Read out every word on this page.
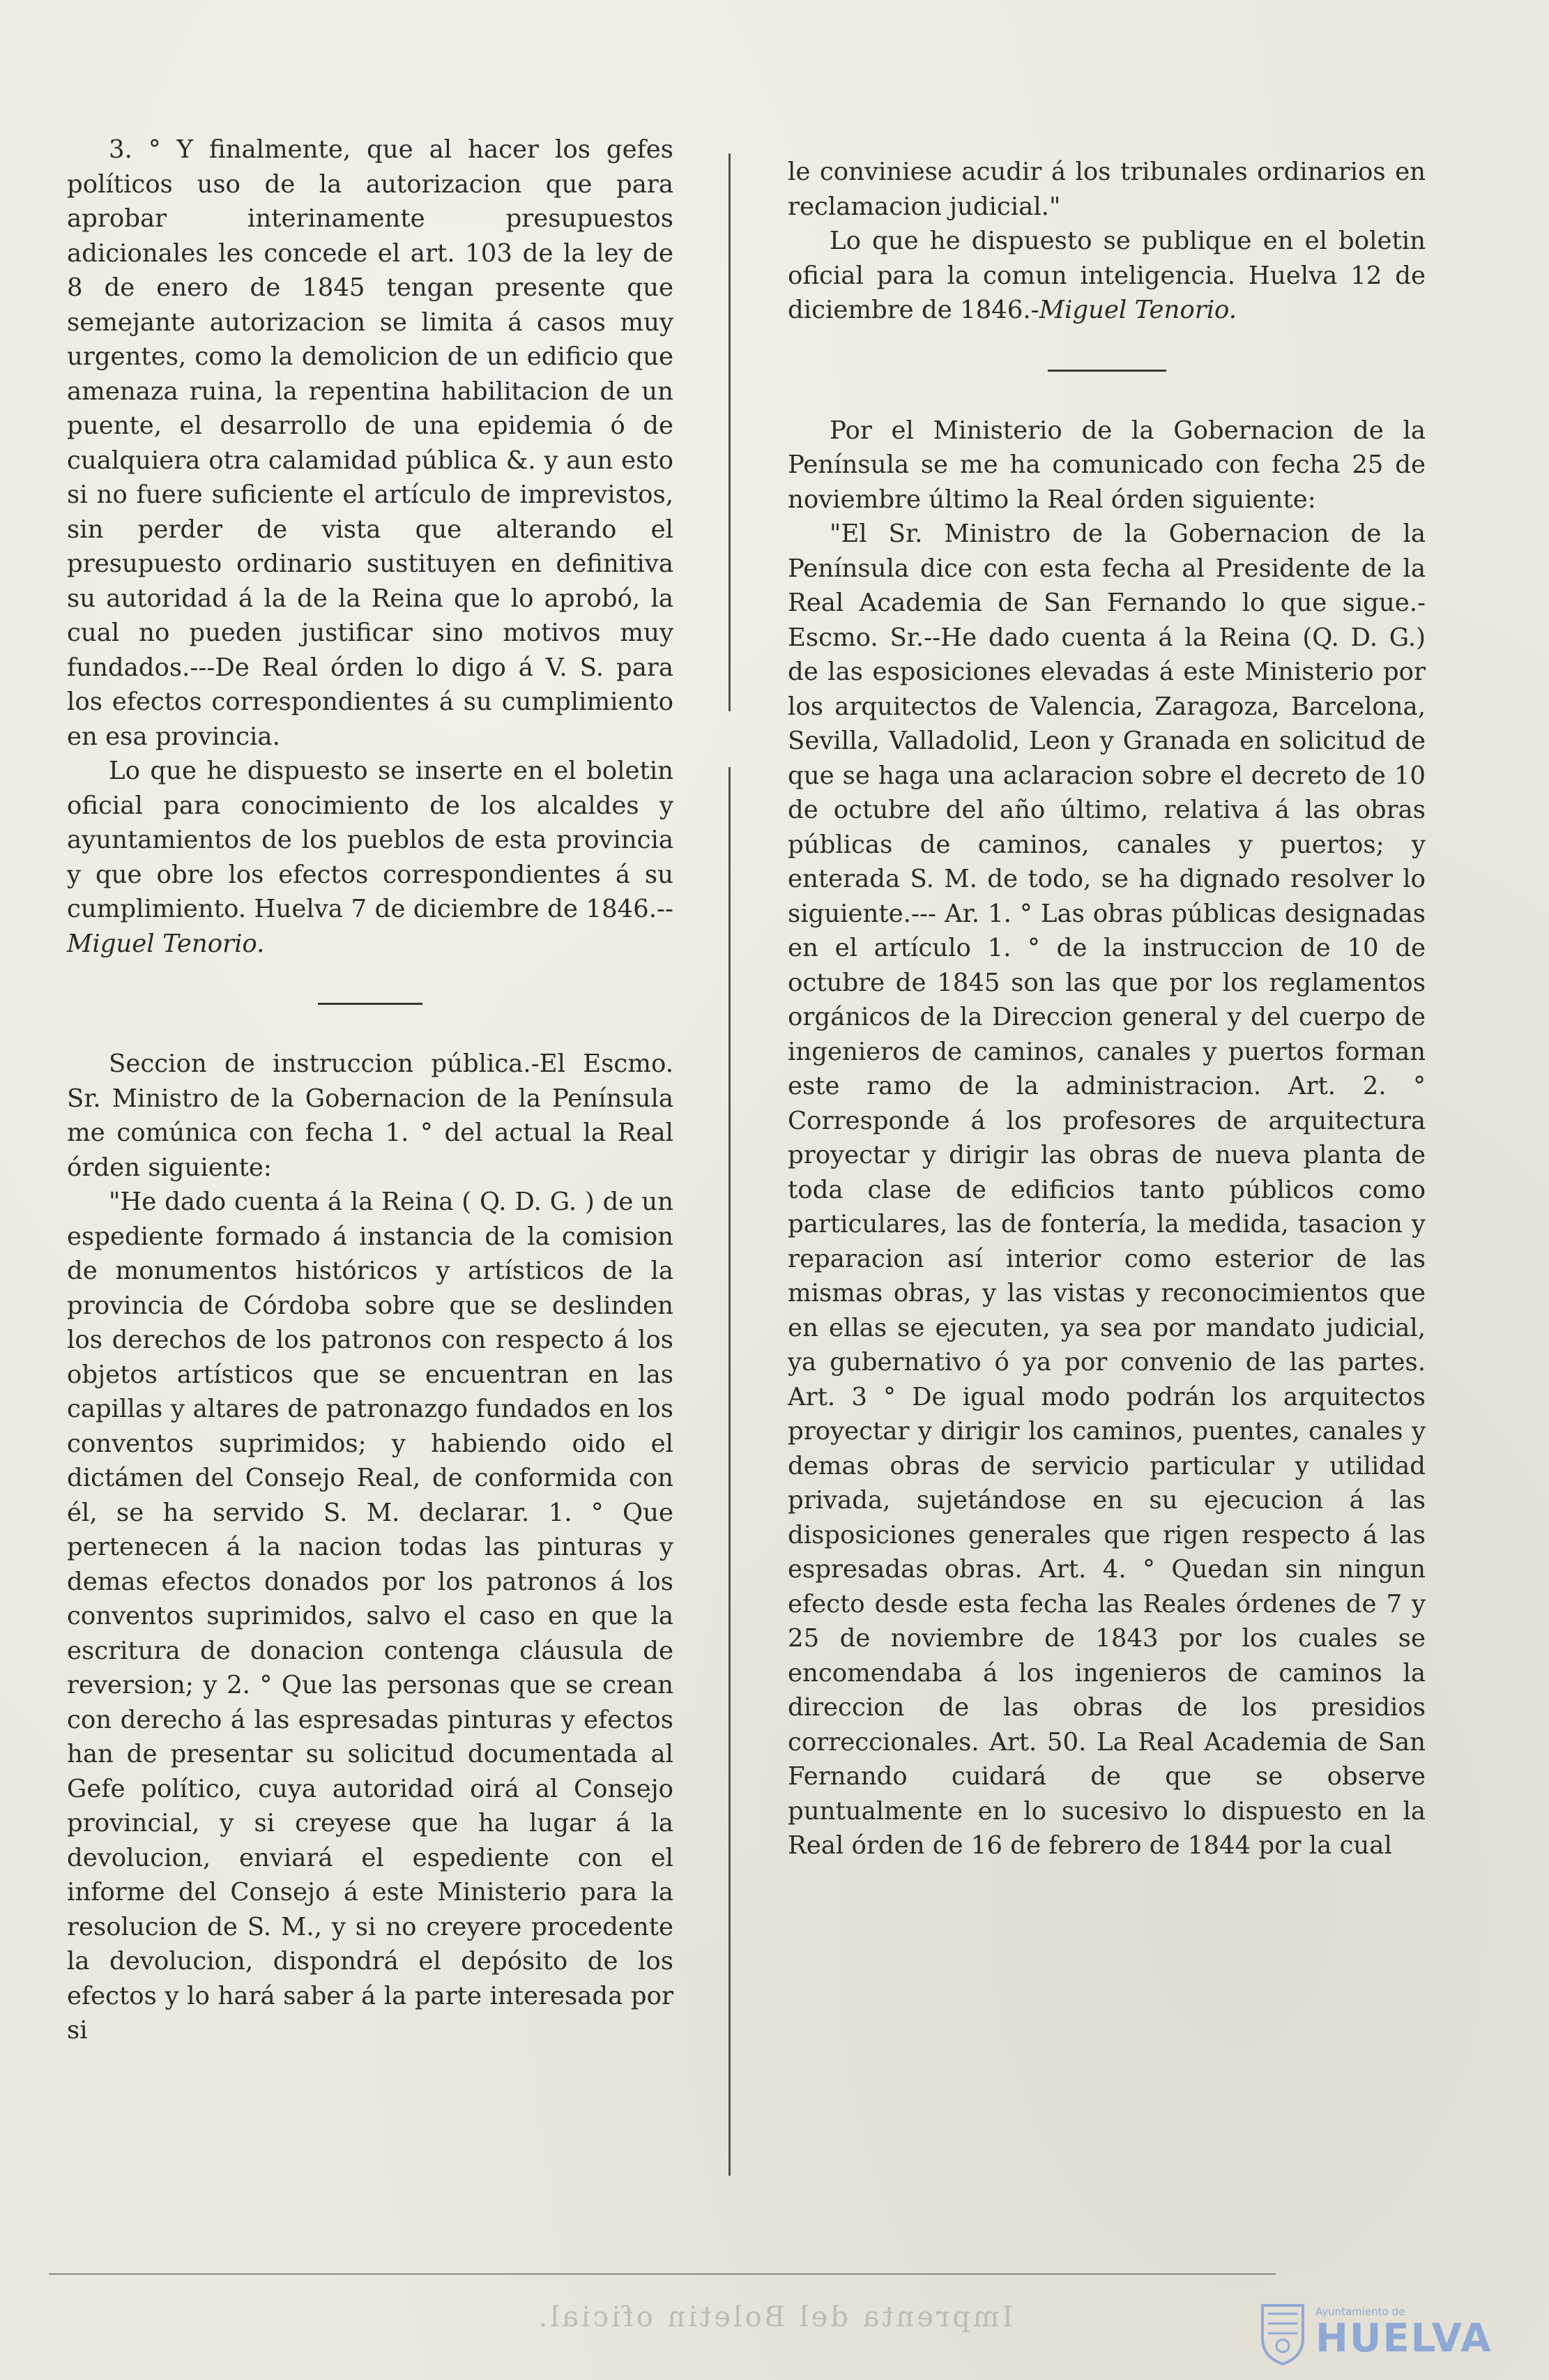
3. ° Y finalmente, que al hacer los gefes políticos uso de la autorizacion que para aprobar interinamente presupuestos adicionales les concede el art. 103 de la ley de 8 de enero de 1845 tengan presente que semejante autorizacion se limita á casos muy urgentes, como la demolicion de un edificio que amenaza ruina, la repentina habilitacion de un puente, el desarrollo de una epidemia ó de cualquiera otra calamidad pública &. y aun esto si no fuere suficiente el artículo de imprevistos, sin perder de vista que alterando el presupuesto ordinario sustituyen en definitiva su autoridad á la de la Reina que lo aprobó, la cual no pueden justificar sino motivos muy fundados.---De Real órden lo digo á V. S. para los efectos correspondientes á su cumplimiento en esa provincia.

Lo que he dispuesto se inserte en el boletin oficial para conocimiento de los alcaldes y ayuntamientos de los pueblos de esta provincia y que obre los efectos correspondientes á su cumplimiento. Huelva 7 de diciembre de 1846.--Miguel Tenorio.

Seccion de instruccion pública.-El Escmo. Sr. Ministro de la Gobernacion de la Península me comúnica con fecha 1. ° del actual la Real órden siguiente:

"He dado cuenta á la Reina ( Q. D. G. ) de un espediente formado á instancia de la comision de monumentos históricos y artísticos de la provincia de Córdoba sobre que se deslinden los derechos de los patronos con respecto á los objetos artísticos que se encuentran en las capillas y altares de patronazgo fundados en los conventos suprimidos; y habiendo oido el dictámen del Consejo Real, de conformida con él, se ha servido S. M. declarar. 1. ° Que pertenecen á la nacion todas las pinturas y demas efectos donados por los patronos á los conventos suprimidos, salvo el caso en que la escritura de donacion contenga cláusula de reversion; y 2. ° Que las personas que se crean con derecho á las espresadas pinturas y efectos han de presentar su solicitud documentada al Gefe político, cuya autoridad oirá al Consejo provincial, y si creyese que ha lugar á la devolucion, enviará el espediente con el informe del Consejo á este Ministerio para la resolucion de S. M., y si no creyere procedente la devolucion, dispondrá el depósito de los efectos y lo hará saber á la parte interesada por si

le conviniese acudir á los tribunales ordinarios en reclamacion judicial."

Lo que he dispuesto se publique en el boletin oficial para la comun inteligencia. Huelva 12 de diciembre de 1846.-Miguel Tenorio.

Por el Ministerio de la Gobernacion de la Península se me ha comunicado con fecha 25 de noviembre último la Real órden siguiente:

"El Sr. Ministro de la Gobernacion de la Península dice con esta fecha al Presidente de la Real Academia de San Fernando lo que sigue.-Escmo. Sr.--He dado cuenta á la Reina (Q. D. G.) de las esposiciones elevadas á este Ministerio por los arquitectos de Valencia, Zaragoza, Barcelona, Sevilla, Valladolid, Leon y Granada en solicitud de que se haga una aclaracion sobre el decreto de 10 de octubre del año último, relativa á las obras públicas de caminos, canales y puertos; y enterada S. M. de todo, se ha dignado resolver lo siguiente.--- Ar. 1. ° Las obras públicas designadas en el artículo 1. ° de la instruccion de 10 de octubre de 1845 son las que por los reglamentos orgánicos de la Direccion general y del cuerpo de ingenieros de caminos, canales y puertos forman este ramo de la administracion. Art. 2. ° Corresponde á los profesores de arquitectura proyectar y dirigir las obras de nueva planta de toda clase de edificios tanto públicos como particulares, las de fontería, la medida, tasacion y reparacion así interior como esterior de las mismas obras, y las vistas y reconocimientos que en ellas se ejecuten, ya sea por mandato judicial, ya gubernativo ó ya por convenio de las partes. Art. 3 ° De igual modo podrán los arquitectos proyectar y dirigir los caminos, puentes, canales y demas obras de servicio particular y utilidad privada, sujetándose en su ejecucion á las disposiciones generales que rigen respecto á las espresadas obras. Art. 4. ° Quedan sin ningun efecto desde esta fecha las Reales órdenes de 7 y 25 de noviembre de 1843 por los cuales se encomendaba á los ingenieros de caminos la direccion de las obras de los presidios correccionales. Art. 50. La Real Academia de San Fernando cuidará de que se observe puntualmente en lo sucesivo lo dispuesto en la Real órden de 16 de febrero de 1844 por la cual

Imprenta del Boletin oficial.	Ayuntamiento de
HUELVA
